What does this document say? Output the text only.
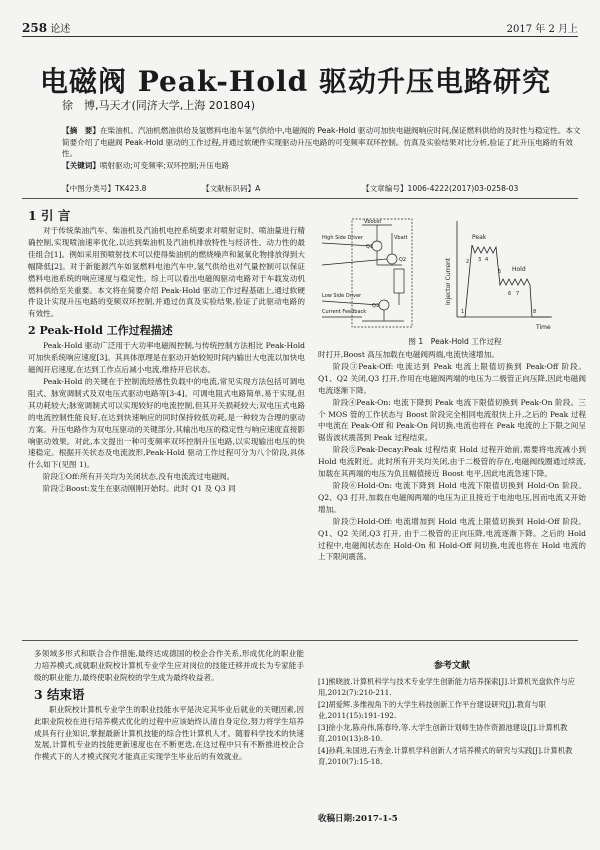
258 论述	2017 年 2 月上
电磁阀 Peak-Hold 驱动升压电路研究
徐　博,马天才(同济大学,上海 201804)

【摘　要】在柴油机、汽油机燃油供给及氢燃料电池车氢气供给中,电磁阀的 Peak-Hold 驱动可加快电磁阀响应时间,保证燃料供给的及时性与稳定性。本文简要介绍了电磁阀 Peak-Hold 驱动的工作过程,并通过软硬件实现驱动升压电路的可变频率双环控制。仿真及实验结果对比分析,验证了此升压电路的有效性。

【关键词】喷射驱动;可变频率;双环控制;升压电路

【中图分类号】TK423.8	【文献标识码】A	【文章编号】1006-4222(2017)03-0258-03
1 引 言

对于传统柴油汽车、柴油机及汽油机电控系统要求对喷射定时、喷油量进行精确控制,实现喷油速率优化,以达到柴油机及汽油机排放特性与经济性、动力性的最佳组合[1]。例如采用预喷射技术可以使得柴油机的燃烧噪声和氮氧化物排放得到大幅降低[2]。对于新能源汽车如氢燃料电池汽车中,氢气供给也对气量控制可以保证燃料电池系统的响应速度与稳定性。综上可以看出电磁阀驱动电路对于车载发动机燃料供给至关重要。本文将在简要介绍 Peak-Hold 驱动工作过程基础上,通过软硬件设计实现升压电路的变频双环控制,并通过仿真及实验结果,验证了此驱动电路的有效性。

2 Peak-Hold 工作过程描述

Peak-Hold 驱动广泛用于大功率电磁阀控制,与传统控制方法相比 Peak-Hold 可加快系统响应速度[3]。其具体原理是在驱动开始较短时间内输出大电流以加快电磁阀开启速度,在达到工作点后减小电流,维持开启状态。

Peak-Hold 的关键在于控制流经感性负载中的电流,常见实现方法包括可调电阻式、脉宽调制式及双电压式驱动电路等[3-4]。可调电阻式电路简单,易于实现,但其功耗较大;脉宽调制式可以实现较好的电流控制,但其开关损耗较大;双电压式电路的电流控制性能良好,在达到快速响应的同时保持较低功耗,是一种较为合理的驱动方案。升压电路作为双电压驱动的关键部分,其输出电压的稳定性与响应速度直接影响驱动效果。对此,本文提出一种可变频率双环控制升压电路,以实现输出电压的快速稳定。根据开关状态及电流波形,Peak-Hold 驱动工作过程可分为八个阶段,具体什么如下(见图 1)。

阶段①Off:所有开关均为关闭状态,没有电流流过电磁阀。

阶段②Boost:发生在驱动刚刚开始时。此时 Q1 及 Q3 同

Vboost
Vbatt
Q1
Q2
Q3
High Side Driver
Low Side Driver
Current Feedback
Peak
Hold
Time
Injector Current
1
2 3 4
5
6 7
8
图 1　Peak-Hold 工作过程

时打开,Boost 高压加载在电磁阀两端,电流快速增加。

阶段③Peak-Off: 电流达到 Peak 电流上限值切换到 Peak-Off 阶段。Q1、Q2 关闭,Q3 打开,作用在电磁阀两端的电压为二极管正向压降,因此电磁阀电流逐渐下降。

阶段④Peak-On: 电流下降到 Peak 电流下限值切换到 Peak-On 阶段。三个 MOS 管的工作状态与 Boost 阶段完全相同电流很快上升,之后的 Peak 过程中电流在 Peak-Off 和 Peak-On 间切换,电流也将在 Peak 电流的上下限之间呈锯齿波状震荡到 Peak 过程结束。

阶段⑤Peak-Decay:Peak 过程结束 Hold 过程开始前,需要将电流减小到 Hold 电流附近。此时所有开关均关闭,由于二极管的存在,电磁阀线圈通过续流,加载在其两端的电压为负且幅值接近 Boost 电平,因此电流急速下降。

阶段⑥Hold-On: 电流下降到 Hold 电流下限值切换到 Hold-On 阶段。Q2、Q3 打开,加载在电磁阀两端的电压为正且接近于电池电压,因而电流又开始增加。

阶段⑦Hold-Off: 电流增加到 Hold 电流上限值切换到 Hold-Off 阶段。Q1、Q2 关闭,Q3 打开, 由于二极管的正向压降,电流逐渐下降。之后的 Hold 过程中,电磁阀状态在 Hold-On 和 Hold-Off 间切换,电流也将在 Hold 电流的上下限间震荡。

多领域多形式和联合合作措施,最终达成德国的校企合作关系,形成优化的职业能力培养模式,成就职业院校计算机专业学生应对岗位的技能迁移并成长为专家能手级的职业能力,最终使职业院校的学生成为最终收益者。

3 结束语

职业院校计算机专业学生的职业技能水平是决定其毕业后就业的关键因素,因此职业院校在进行培养模式优化的过程中应该始终认清自身定位,努力将学生培养成具有行业知识,掌握最新计算机技能的综合性计算机人才。随着科学技术的快速发展,计算机专业的技能更新速度也在不断更迭,在这过程中只有不断推进校企合作模式下的人才模式探究才能真正实现学生毕业后的有效就业。

参考文献

[1]熊晓波.计算机科学与技术专业学生创新能力培养探索[J].计算机光盘软件与应用,2012(7):210-211.

[2]胡爱辉.多维视角下的大学生科技创新工作平台建设研究[J].教育与职业,2011(15):191-192.

[3]徐小龙,陈舟伟,陈春玲,等.大学生创新计划师生协作资源池建设[J].计算机教育,2010(13):8-10.

[4]孙莉,朱国进,石秀金.计算机学科创新人才培养模式的研究与实践[J].计算机教育,2010(7):15-18.

收稿日期:2017-1-5
